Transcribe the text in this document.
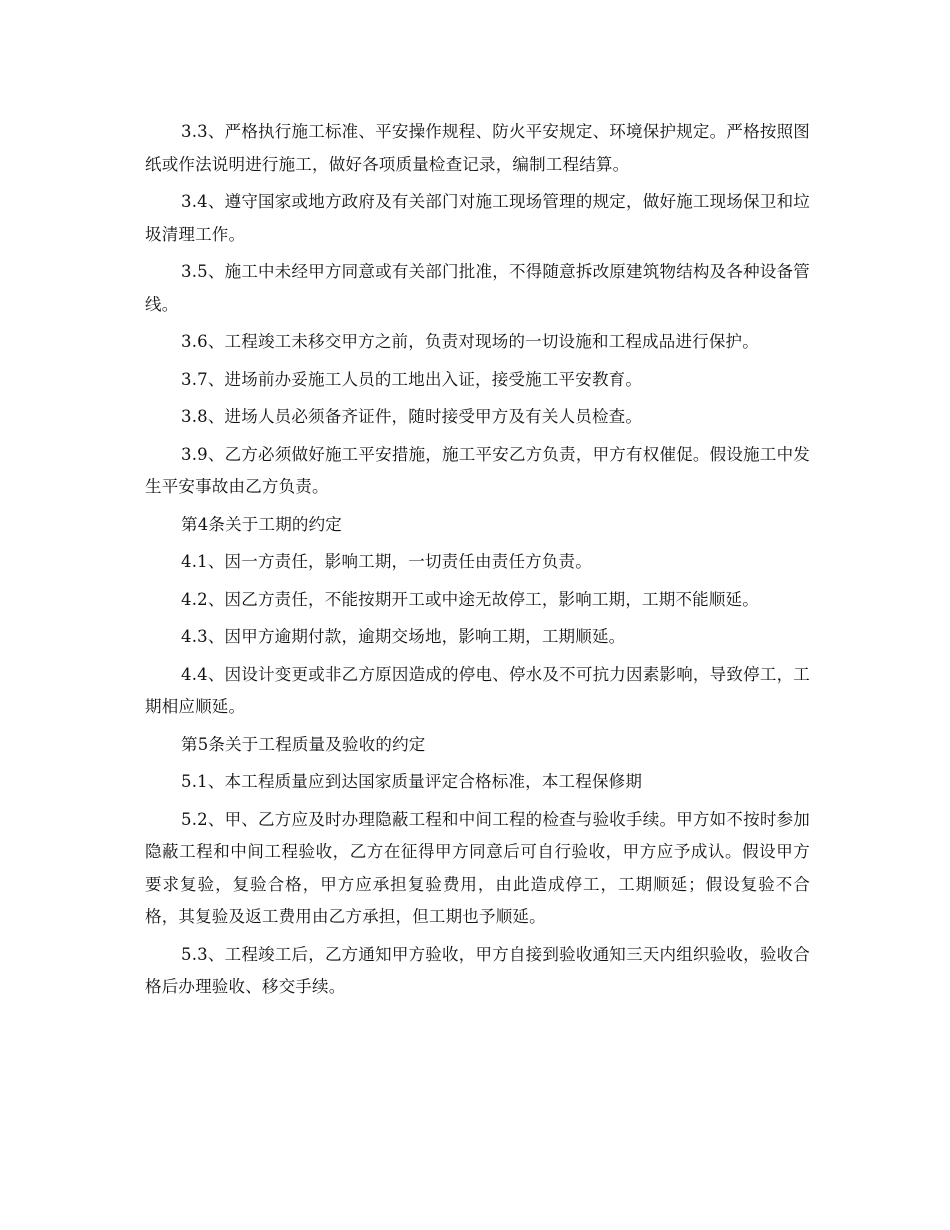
3.3、严格执行施工标准、平安操作规程、防火平安规定、环境保护规定。严格按照图纸或作法说明进行施工，做好各项质量检查记录，编制工程结算。

3.4、遵守国家或地方政府及有关部门对施工现场管理的规定，做好施工现场保卫和垃圾清理工作。

3.5、施工中未经甲方同意或有关部门批准，不得随意拆改原建筑物结构及各种设备管线。

3.6、工程竣工未移交甲方之前，负责对现场的一切设施和工程成品进行保护。

3.7、进场前办妥施工人员的工地出入证，接受施工平安教育。

3.8、进场人员必须备齐证件，随时接受甲方及有关人员检查。

3.9、乙方必须做好施工平安措施，施工平安乙方负责，甲方有权催促。假设施工中发生平安事故由乙方负责。

第4条关于工期的约定

4.1、因一方责任，影响工期，一切责任由责任方负责。

4.2、因乙方责任，不能按期开工或中途无故停工，影响工期，工期不能顺延。

4.3、因甲方逾期付款，逾期交场地，影响工期，工期顺延。

4.4、因设计变更或非乙方原因造成的停电、停水及不可抗力因素影响，导致停工，工期相应顺延。

第5条关于工程质量及验收的约定

5.1、本工程质量应到达国家质量评定合格标准，本工程保修期

5.2、甲、乙方应及时办理隐蔽工程和中间工程的检查与验收手续。甲方如不按时参加隐蔽工程和中间工程验收，乙方在征得甲方同意后可自行验收，甲方应予成认。假设甲方要求复验，复验合格，甲方应承担复验费用，由此造成停工，工期顺延；假设复验不合格，其复验及返工费用由乙方承担，但工期也予顺延。

5.3、工程竣工后，乙方通知甲方验收，甲方自接到验收通知三天内组织验收，验收合格后办理验收、移交手续。
